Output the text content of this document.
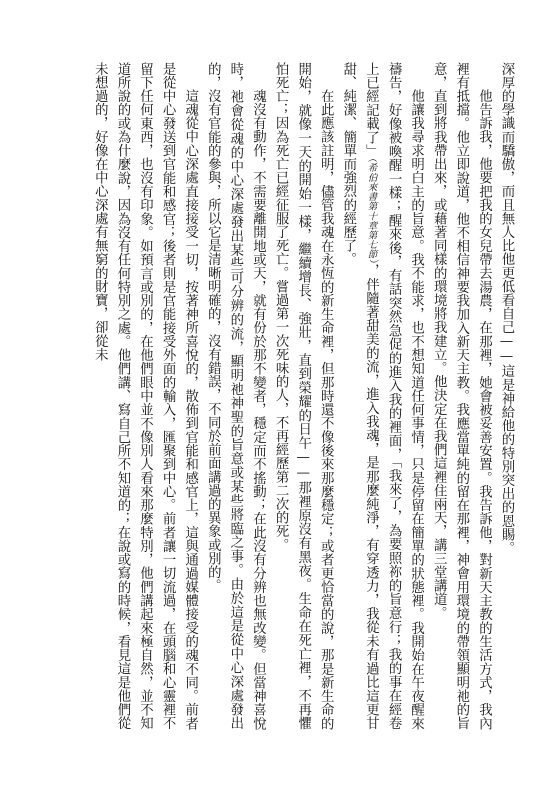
深厚的學識而驕傲，而且無人比他更低看自己——這是神給他的特別突出的恩賜。

他告訴我，他要把我的女兒帶去湯農，在那裡，她會被妥善安置。我告訴他，對新天主教的生活方式，我內裡有抵擋。他立即說道，他不相信神要我加入新天主教。我應當單純的留在那裡，神會用環境的帶領顯明祂的旨意，直到將我帶出來，或藉著同樣的環境將我建立。他決定在我們這裡住兩天，講三堂講道。

他讓我尋求明白主的旨意。我不能求，也不想知道任何事情，只是停留在簡單的狀態裡。我開始在午夜醒來禱告，好像被喚醒一樣；醒來後，有話突然急促的進入我的裡面，「我來了，為要照祢的旨意行；我的事在經卷上已經記載了」（希伯來書第十章第七節），伴隨著甜美的流，進入我魂，是那麼純淨，有穿透力，我從未有過比這更甘甜、純潔、簡單而強烈的經歷了。

在此應該註明，儘管我魂在永恆的新生命裡，但那時還不像後來那麼穩定；或者更恰當的說，那是新生命的開始，就像一天的開始一樣，繼續增長、強壯，直到榮耀的日午——那裡原沒有黑夜。生命在死亡裡，不再懼怕死亡；因為死亡已經征服了死亡。嘗過第一次死味的人，不再經歷第二次的死。

魂沒有動作，不需要離開地或天，就有份於那不變者，穩定而不搖動；在此沒有分辨也無改變。但當神喜悅時，祂會從魂的中心深處發出某些可分辨的流，顯明祂神聖的旨意或某些將臨之事。由於這是從中心深處發出的，沒有官能的參與，所以它是清晰明確的，沒有錯誤，不同於前面講過的異象或別的。

這魂從中心深處直接接受一切，按著神所喜悅的，散佈到官能和感官上，這與通過媒體接受的魂不同。前者是從中心發送到官能和感官；後者則是官能接受外面的輸入，匯聚到中心。前者讓一切流過，在頭腦和心靈裡不留下任何東西，也沒有印象。如預言或別的，在他們眼中並不像別人看來那麼特別，他們講起來極自然，並不知道所說的或為什麼說，因為沒有任何特別之處。他們講、寫自己所不知道的；在說或寫的時候，看見這是他們從未想過的，好像在中心深處有無窮的財寶，卻從未
